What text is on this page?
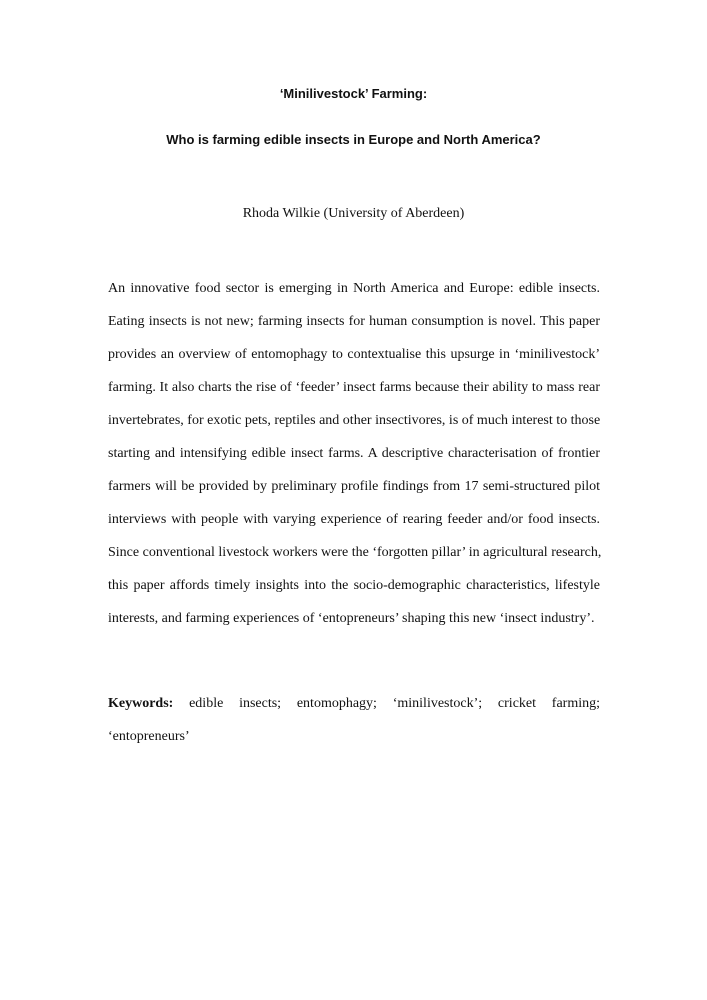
‘Minilivestock’ Farming:
Who is farming edible insects in Europe and North America?
Rhoda Wilkie (University of Aberdeen)
An innovative food sector is emerging in North America and Europe: edible insects.
Eating insects is not new; farming insects for human consumption is novel. This paper
provides an overview of entomophagy to contextualise this upsurge in ‘minilivestock’
farming. It also charts the rise of ‘feeder’ insect farms because their ability to mass rear
invertebrates, for exotic pets, reptiles and other insectivores, is of much interest to those
starting and intensifying edible insect farms. A descriptive characterisation of frontier
farmers will be provided by preliminary profile findings from 17 semi-structured pilot
interviews with people with varying experience of rearing feeder and/or food insects.
Since conventional livestock workers were the ‘forgotten pillar’ in agricultural research,
this paper affords timely insights into the socio-demographic characteristics, lifestyle
interests, and farming experiences of ‘entopreneurs’ shaping this new ‘insect industry’.
Keywords: edible insects; entomophagy; ‘minilivestock’; cricket farming;
‘entopreneurs’
